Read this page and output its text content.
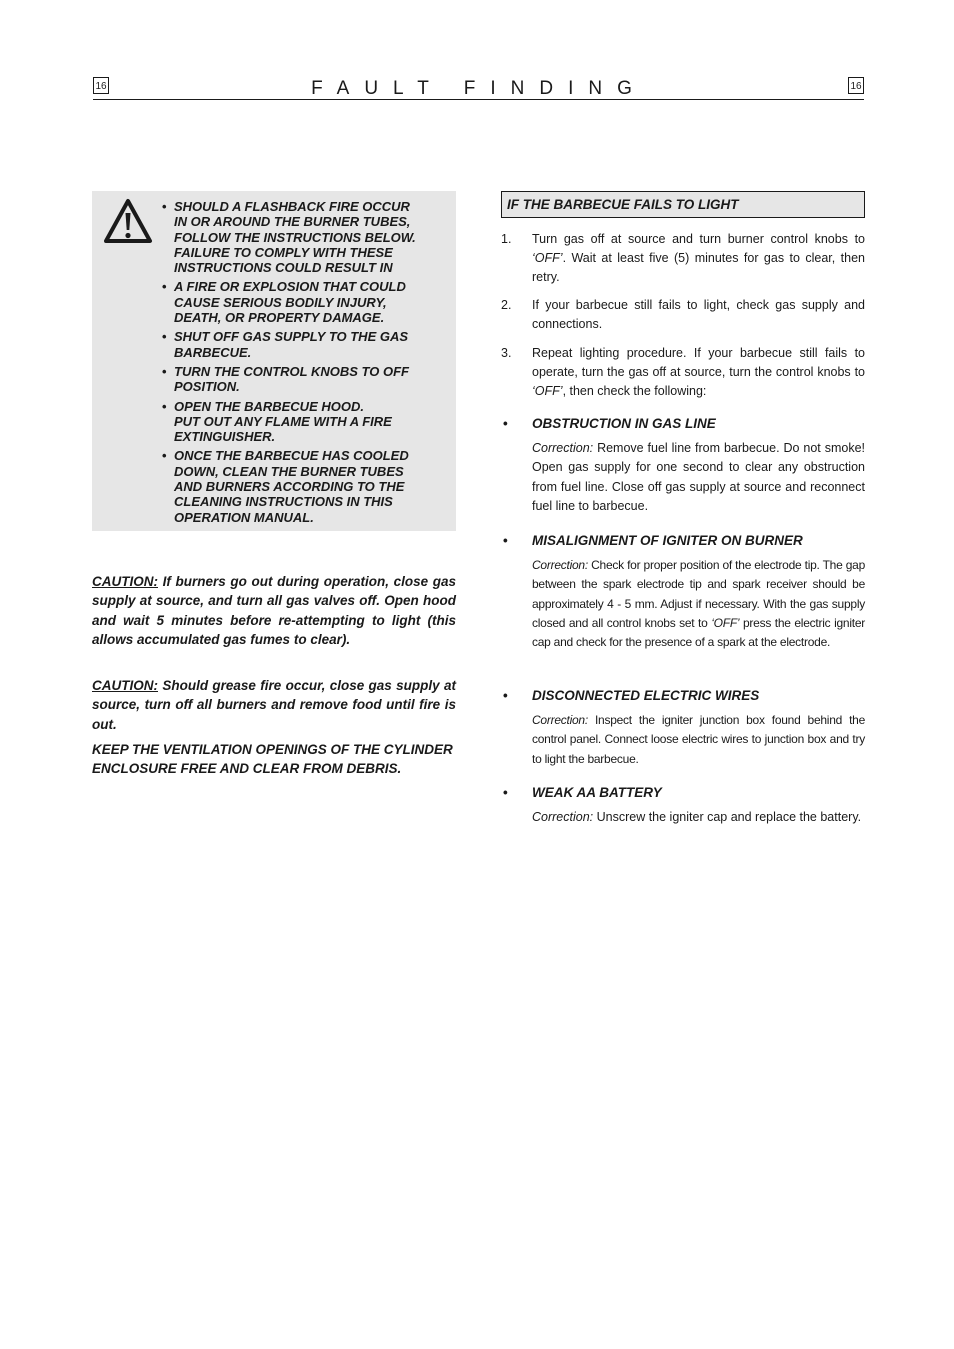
16	FAULT FINDING	16
• SHOULD A FLASHBACK FIRE OCCUR
IN OR AROUND THE BURNER TUBES,
FOLLOW THE INSTRUCTIONS BELOW.
FAILURE TO COMPLY WITH THESE
INSTRUCTIONS COULD RESULT IN
• A FIRE OR EXPLOSION THAT COULD
CAUSE SERIOUS BODILY INJURY,
DEATH, OR PROPERTY DAMAGE.
• SHUT OFF GAS SUPPLY TO THE GAS
BARBECUE.
• TURN THE CONTROL KNOBS TO OFF
POSITION.
• OPEN THE BARBECUE HOOD.
PUT OUT ANY FLAME WITH A FIRE
EXTINGUISHER.
• ONCE THE BARBECUE HAS COOLED
DOWN, CLEAN THE BURNER TUBES
AND BURNERS ACCORDING TO THE
CLEANING INSTRUCTIONS IN THIS
OPERATION MANUAL.

CAUTION: If burners go out during operation, close gas supply at source, and turn all gas valves off. Open hood and wait 5 minutes before re-attempting to light (this allows accumulated gas fumes to clear).

CAUTION: Should grease fire occur, close gas supply at source, turn off all burners and remove food until fire is out.

KEEP THE VENTILATION OPENINGS OF THE CYLINDER ENCLOSURE FREE AND CLEAR FROM DEBRIS.

IF THE BARBECUE FAILS TO LIGHT
1. Turn gas off at source and turn burner control knobs to ‘OFF’. Wait at least five (5) minutes for gas to clear, then retry.
2. If your barbecue still fails to light, check gas supply and connections.
3. Repeat lighting procedure. If your barbecue still fails to operate, turn the gas off at source, turn the control knobs to ‘OFF’, then check the following:
• OBSTRUCTION IN GAS LINE
Correction: Remove fuel line from barbecue. Do not smoke! Open gas supply for one second to clear any obstruction from fuel line. Close off gas supply at source and reconnect fuel line to barbecue.
• MISALIGNMENT OF IGNITER ON BURNER
Correction: Check for proper position of the electrode tip. The gap between the spark electrode tip and spark receiver should be approximately 4 - 5 mm. Adjust if necessary. With the gas supply closed and all control knobs set to ‘OFF’ press the electric igniter cap and check for the presence of a spark at the electrode.
• DISCONNECTED ELECTRIC WIRES
Correction: Inspect the igniter junction box found behind the control panel. Connect loose electric wires to junction box and try to light the barbecue.
• WEAK AA BATTERY
Correction: Unscrew the igniter cap and replace the battery.
